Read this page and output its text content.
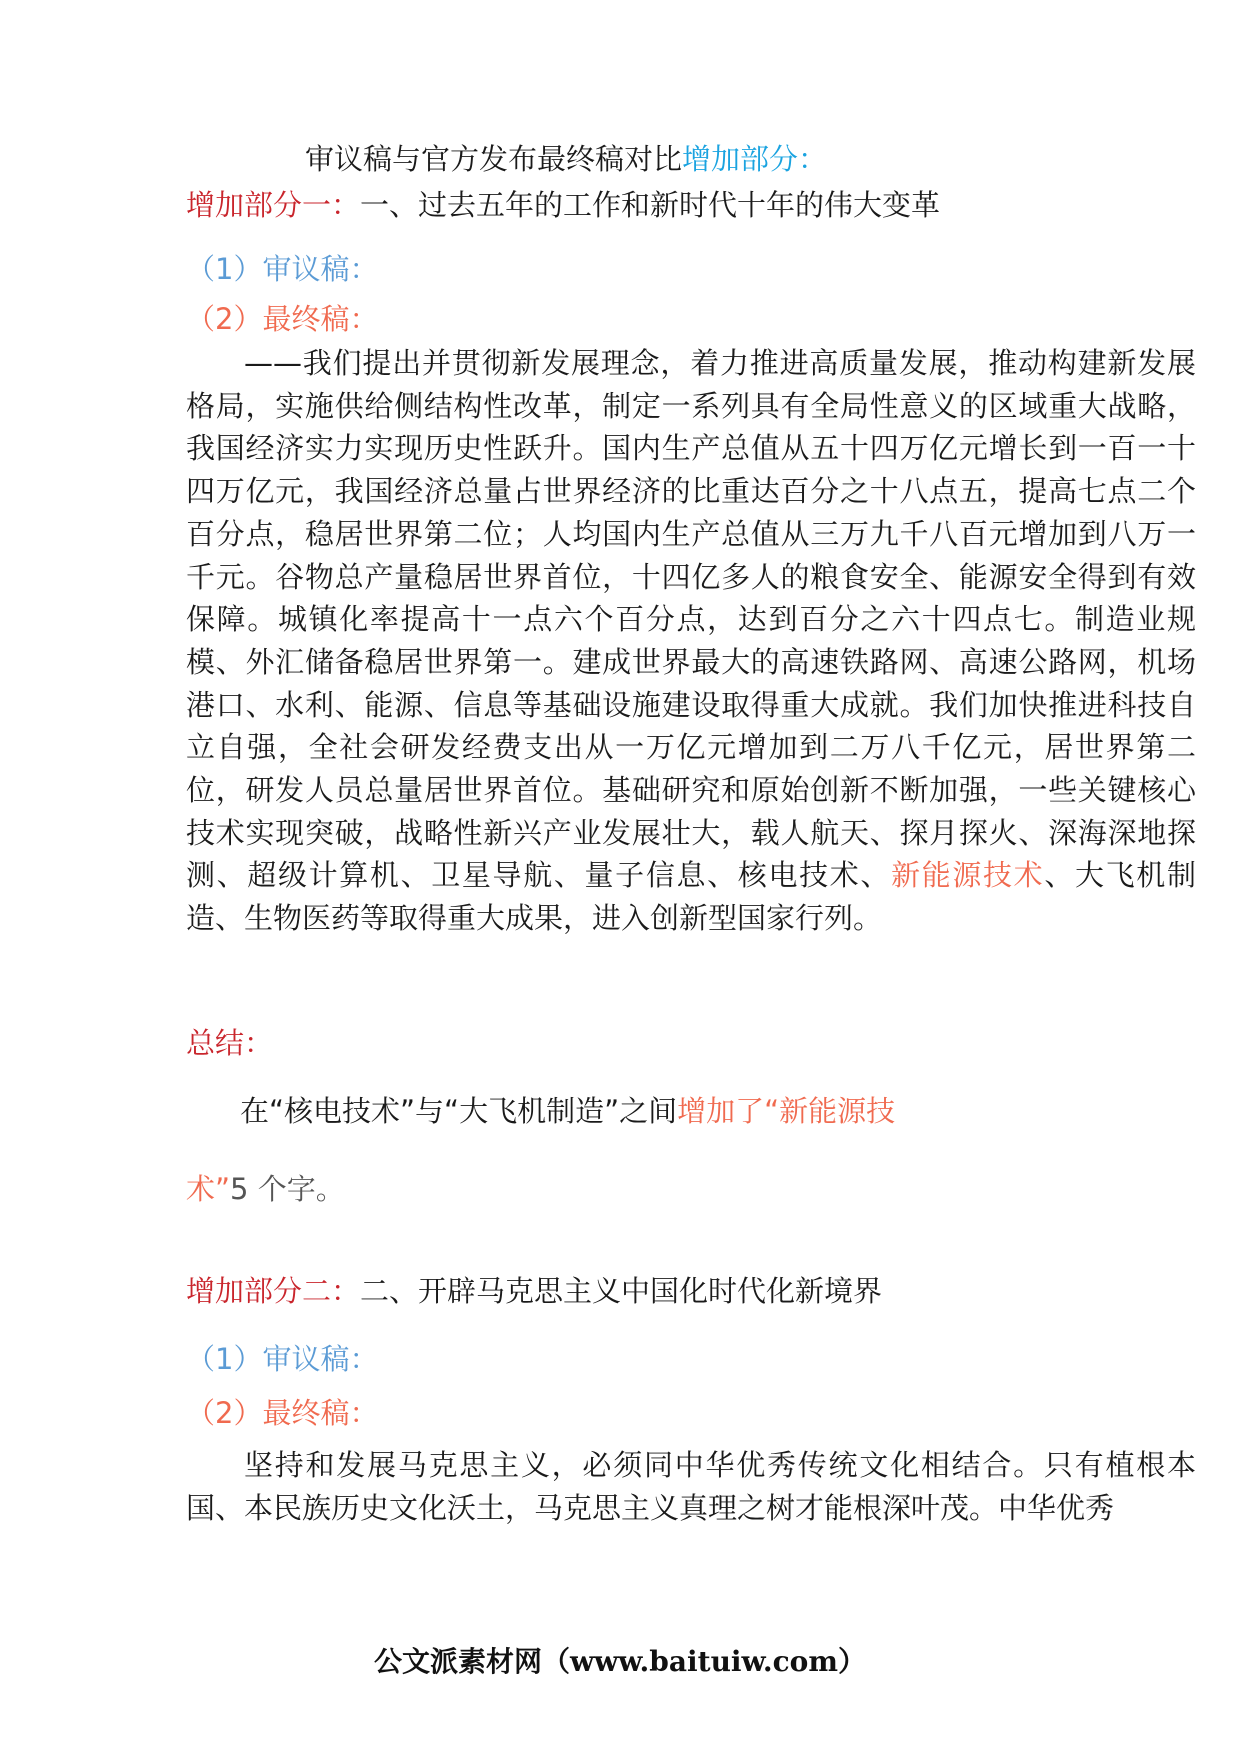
审议稿与官方发布最终稿对比增加部分：
增加部分一：一、过去五年的工作和新时代十年的伟大变革
（1）审议稿：
（2）最终稿：
——我们提出并贯彻新发展理念，着力推进高质量发展，推动构建新发展格局，实施供给侧结构性改革，制定一系列具有全局性意义的区域重大战略，我国经济实力实现历史性跃升。国内生产总值从五十四万亿元增长到一百一十四万亿元，我国经济总量占世界经济的比重达百分之十八点五，提高七点二个百分点，稳居世界第二位；人均国内生产总值从三万九千八百元增加到八万一千元。谷物总产量稳居世界首位，十四亿多人的粮食安全、能源安全得到有效保障。城镇化率提高十一点六个百分点，达到百分之六十四点七。制造业规模、外汇储备稳居世界第一。建成世界最大的高速铁路网、高速公路网，机场港口、水利、能源、信息等基础设施建设取得重大成就。我们加快推进科技自立自强，全社会研发经费支出从一万亿元增加到二万八千亿元，居世界第二位，研发人员总量居世界首位。基础研究和原始创新不断加强，一些关键核心技术实现突破，战略性新兴产业发展壮大，载人航天、探月探火、深海深地探测、超级计算机、卫星导航、量子信息、核电技术、新能源技术、大飞机制造、生物医药等取得重大成果，进入创新型国家行列。
总结：
在“核电技术”与“大飞机制造”之间增加了“新能源技
术”5 个字。
增加部分二：二、开辟马克思主义中国化时代化新境界
（1）审议稿：
（2）最终稿：
坚持和发展马克思主义，必须同中华优秀传统文化相结合。只有植根本国、本民族历史文化沃土，马克思主义真理之树才能根深叶茂。中华优秀
公文派素材网（www.baituiw.com）
